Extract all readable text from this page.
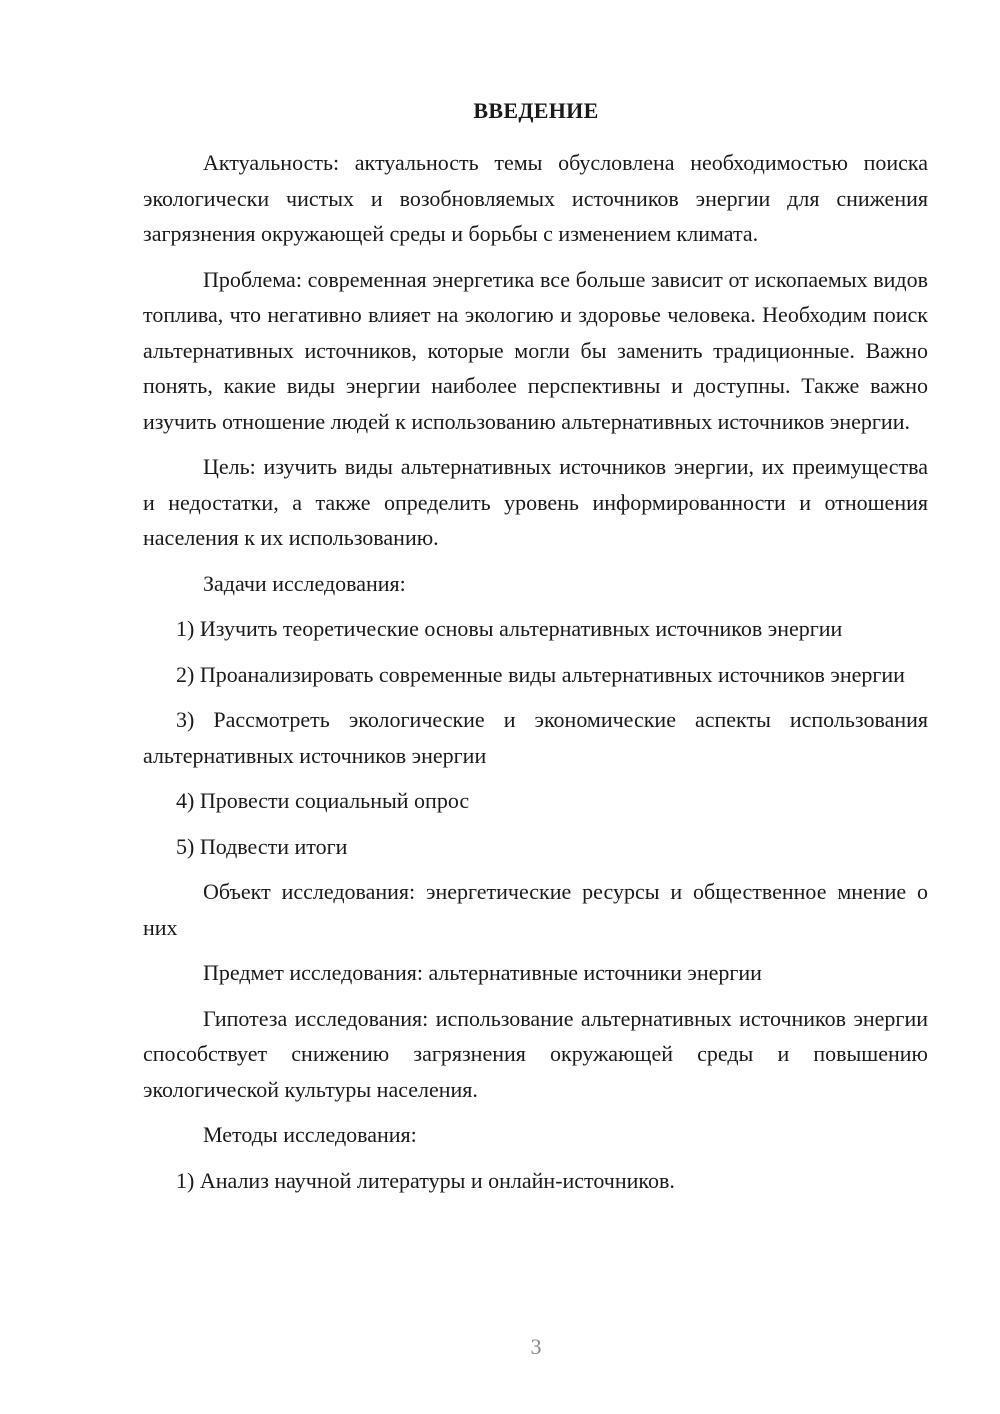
ВВЕДЕНИЕ

Актуальность: актуальность темы обусловлена необходимостью поиска экологически чистых и возобновляемых источников энергии для снижения загрязнения окружающей среды и борьбы с изменением климата.

Проблема: современная энергетика все больше зависит от ископаемых видов топлива, что негативно влияет на экологию и здоровье человека. Необходим поиск альтернативных источников, которые могли бы заменить традиционные. Важно понять, какие виды энергии наиболее перспективны и доступны. Также важно изучить отношение людей к использованию альтернативных источников энергии.

Цель: изучить виды альтернативных источников энергии, их преимущества и недостатки, а также определить уровень информированности и отношения населения к их использованию.

Задачи исследования:

1) Изучить теоретические основы альтернативных источников энергии

2) Проанализировать современные виды альтернативных источников энергии

3) Рассмотреть экологические и экономические аспекты использования альтернативных источников энергии

4) Провести социальный опрос

5) Подвести итоги

Объект исследования: энергетические ресурсы и общественное мнение о них

Предмет исследования: альтернативные источники энергии

Гипотеза исследования: использование альтернативных источников энергии способствует снижению загрязнения окружающей среды и повышению экологической культуры населения.

Методы исследования:

1) Анализ научной литературы и онлайн-источников.

3
